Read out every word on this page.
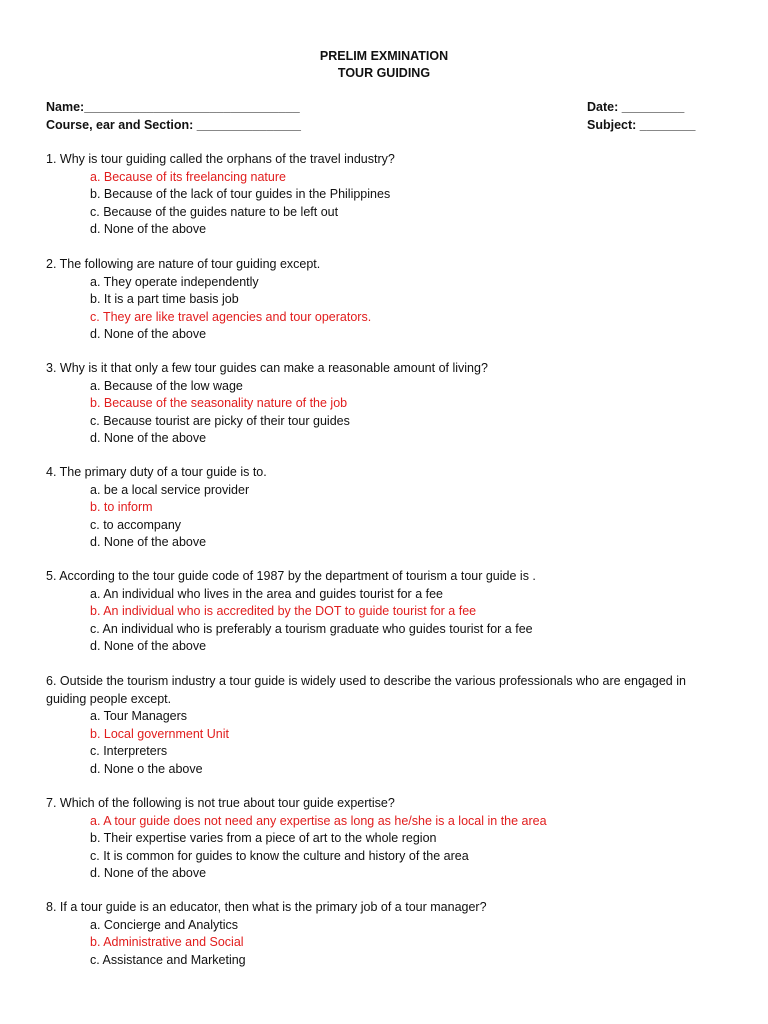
PRELIM EXMINATION
TOUR GUIDING
Name:_______________________________	Date: _________
Course, ear and Section: _______________	Subject: ________
1. Why is tour guiding called the orphans of the travel industry?
a. Because of its freelancing nature
b. Because of the lack of tour guides in the Philippines
c. Because of the guides nature to be left out
d. None of the above
2. The following are nature of tour guiding except.
a. They operate independently
b. It is a part time basis job
c. They are like travel agencies and tour operators.
d. None of the above
3. Why is it that only a few tour guides can make a reasonable amount of living?
a. Because of the low wage
b. Because of the seasonality nature of the job
c. Because tourist are picky of their tour guides
d. None of the above
4. The primary duty of a tour guide is to.
a. be a local service provider
b. to inform
c. to accompany
d. None of the above
5. According to the tour guide code of 1987 by the department of tourism a tour guide is .
a. An individual who lives in the area and guides tourist for a fee
b. An individual who is accredited by the DOT to guide tourist for a fee
c. An individual who is preferably a tourism graduate who guides tourist for a fee
d. None of the above
6. Outside the tourism industry a tour guide is widely used to describe the various professionals who are engaged in guiding people except.
a. Tour Managers
b. Local government Unit
c. Interpreters
d. None o the above
7. Which of the following is not true about tour guide expertise?
a. A tour guide does not need any expertise as long as he/she is a local in the area
b. Their expertise varies from a piece of art to the whole region
c. It is common for guides to know the culture and history of the area
d. None of the above
8. If a tour guide is an educator, then what is the primary job of a tour manager?
a. Concierge and Analytics
b. Administrative and Social
c. Assistance and Marketing
